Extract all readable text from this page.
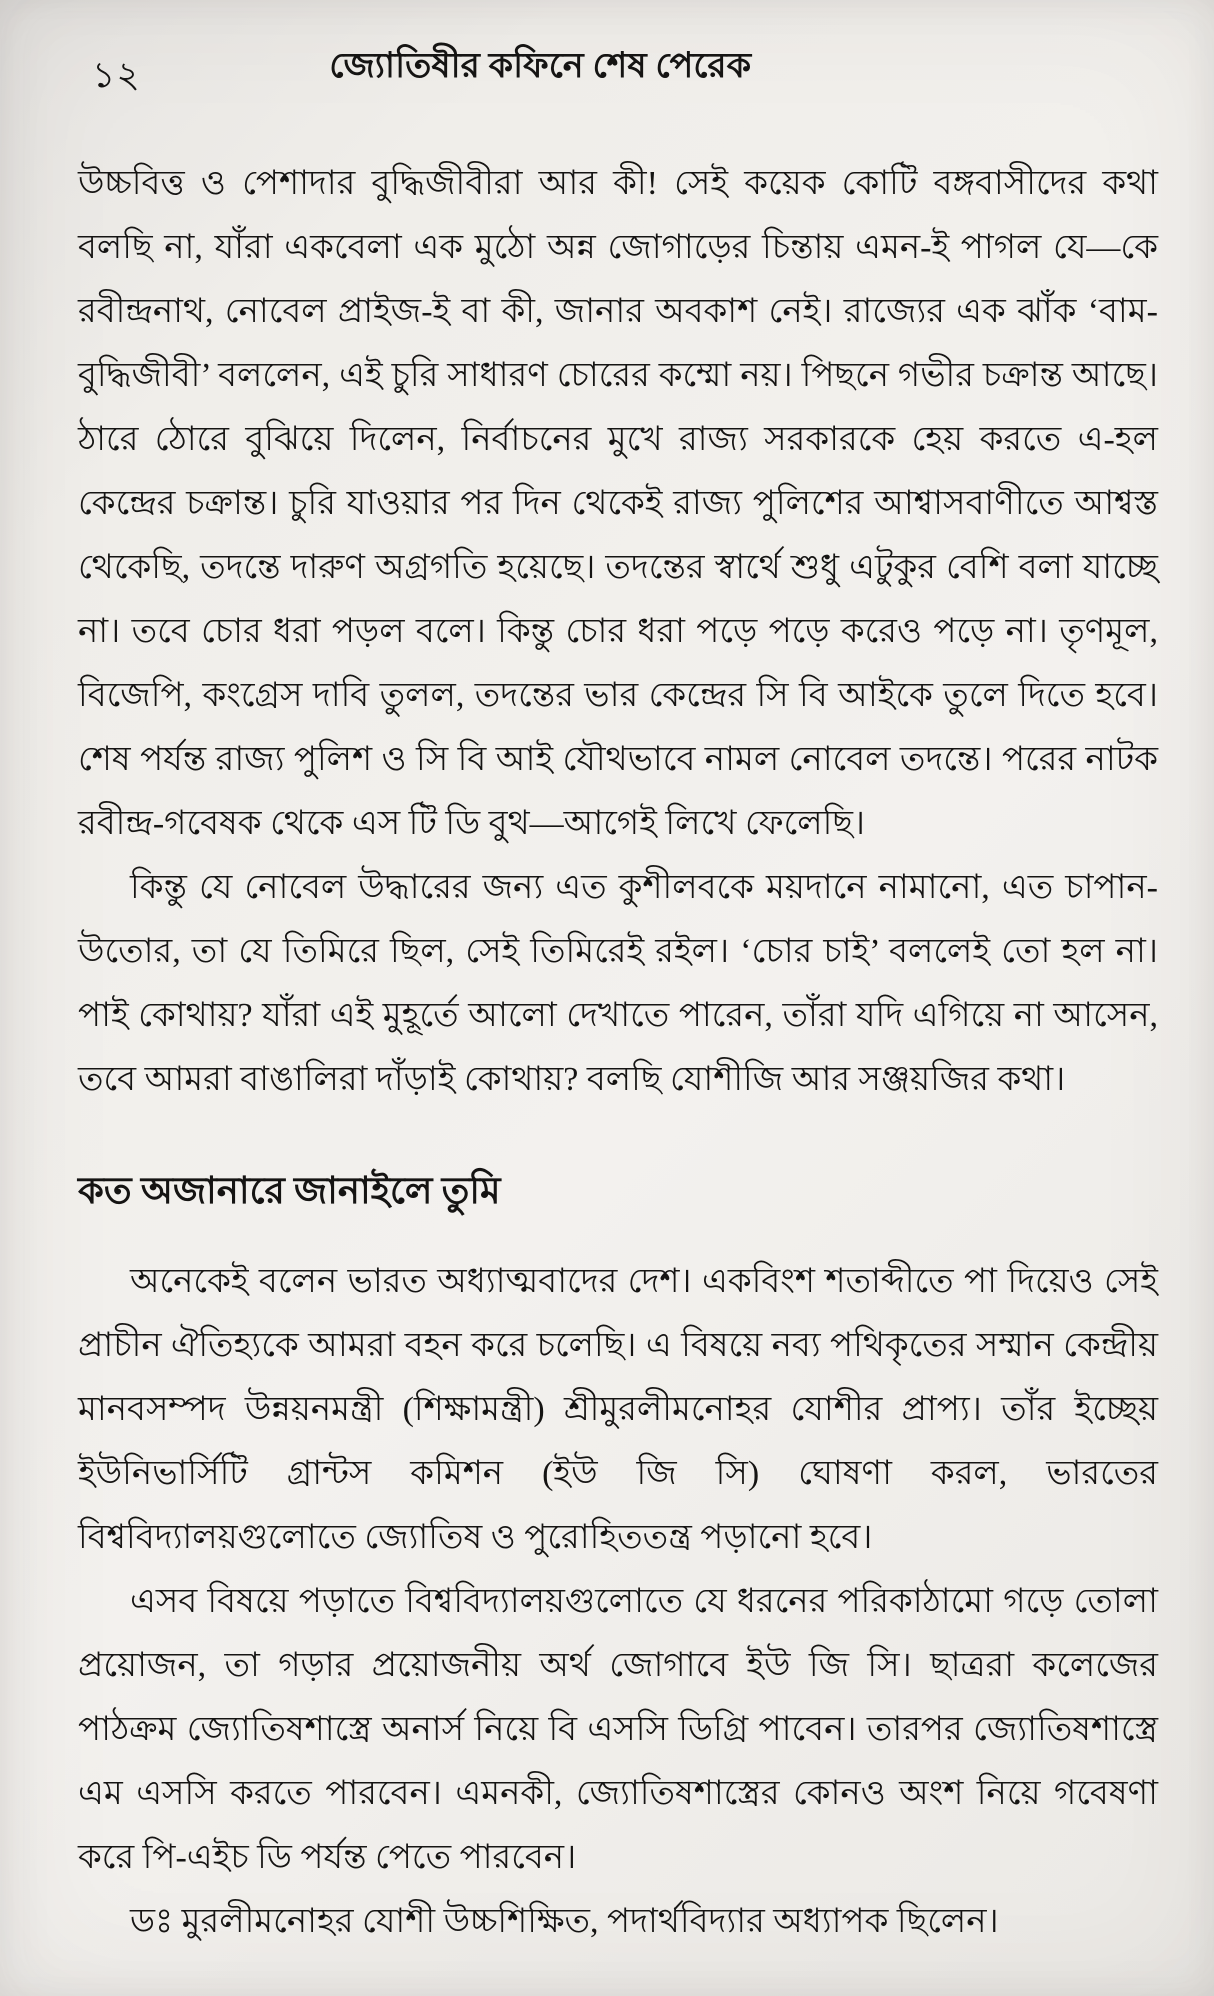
১২	জ্যোতিষীর কফিনে শেষ পেরেক

উচ্চবিত্ত ও পেশাদার বুদ্ধিজীবীরা আর কী! সেই কয়েক কোটি বঙ্গবাসীদের কথা বলছি না, যাঁরা একবেলা এক মুঠো অন্ন জোগাড়ের চিন্তায় এমন-ই পাগল যে—কে রবীন্দ্রনাথ, নোবেল প্রাইজ-ই বা কী, জানার অবকাশ নেই। রাজ্যের এক ঝাঁক ‘বাম-বুদ্ধিজীবী’ বললেন, এই চুরি সাধারণ চোরের কম্মো নয়। পিছনে গভীর চক্রান্ত আছে। ঠারে ঠোরে বুঝিয়ে দিলেন, নির্বাচনের মুখে রাজ্য সরকারকে হেয় করতে এ-হল কেন্দ্রের চক্রান্ত। চুরি যাওয়ার পর দিন থেকেই রাজ্য পুলিশের আশ্বাসবাণীতে আশ্বস্ত থেকেছি, তদন্তে দারুণ অগ্রগতি হয়েছে। তদন্তের স্বার্থে শুধু এটুকুর বেশি বলা যাচ্ছে না। তবে চোর ধরা পড়ল বলে। কিন্তু চোর ধরা পড়ে পড়ে করেও পড়ে না। তৃণমূল, বিজেপি, কংগ্রেস দাবি তুলল, তদন্তের ভার কেন্দ্রের সি বি আইকে তুলে দিতে হবে। শেষ পর্যন্ত রাজ্য পুলিশ ও সি বি আই যৌথভাবে নামল নোবেল তদন্তে। পরের নাটক রবীন্দ্র-গবেষক থেকে এস টি ডি বুথ—আগেই লিখে ফেলেছি।

কিন্তু যে নোবেল উদ্ধারের জন্য এত কুশীলবকে ময়দানে নামানো, এত চাপান-উতোর, তা যে তিমিরে ছিল, সেই তিমিরেই রইল। ‘চোর চাই’ বললেই তো হল না। পাই কোথায়? যাঁরা এই মুহূর্তে আলো দেখাতে পারেন, তাঁরা যদি এগিয়ে না আসেন, তবে আমরা বাঙালিরা দাঁড়াই কোথায়? বলছি যোশীজি আর সঞ্জয়জির কথা।

কত অজানারে জানাইলে তুমি

অনেকেই বলেন ভারত অধ্যাত্মবাদের দেশ। একবিংশ শতাব্দীতে পা দিয়েও সেই প্রাচীন ঐতিহ্যকে আমরা বহন করে চলেছি। এ বিষয়ে নব্য পথিকৃতের সম্মান কেন্দ্রীয় মানবসম্পদ উন্নয়নমন্ত্রী (শিক্ষামন্ত্রী) শ্রীমুরলীমনোহর যোশীর প্রাপ্য। তাঁর ইচ্ছেয় ইউনিভার্সিটি গ্রান্টস কমিশন (ইউ জি সি) ঘোষণা করল, ভারতের বিশ্ববিদ্যালয়গুলোতে জ্যোতিষ ও পুরোহিততন্ত্র পড়ানো হবে।

এসব বিষয়ে পড়াতে বিশ্ববিদ্যালয়গুলোতে যে ধরনের পরিকাঠামো গড়ে তোলা প্রয়োজন, তা গড়ার প্রয়োজনীয় অর্থ জোগাবে ইউ জি সি। ছাত্ররা কলেজের পাঠক্রম জ্যোতিষশাস্ত্রে অনার্স নিয়ে বি এসসি ডিগ্রি পাবেন। তারপর জ্যোতিষশাস্ত্রে এম এসসি করতে পারবেন। এমনকী, জ্যোতিষশাস্ত্রের কোনও অংশ নিয়ে গবেষণা করে পি-এইচ ডি পর্যন্ত পেতে পারবেন।

ডঃ মুরলীমনোহর যোশী উচ্চশিক্ষিত, পদার্থবিদ্যার অধ্যাপক ছিলেন।
